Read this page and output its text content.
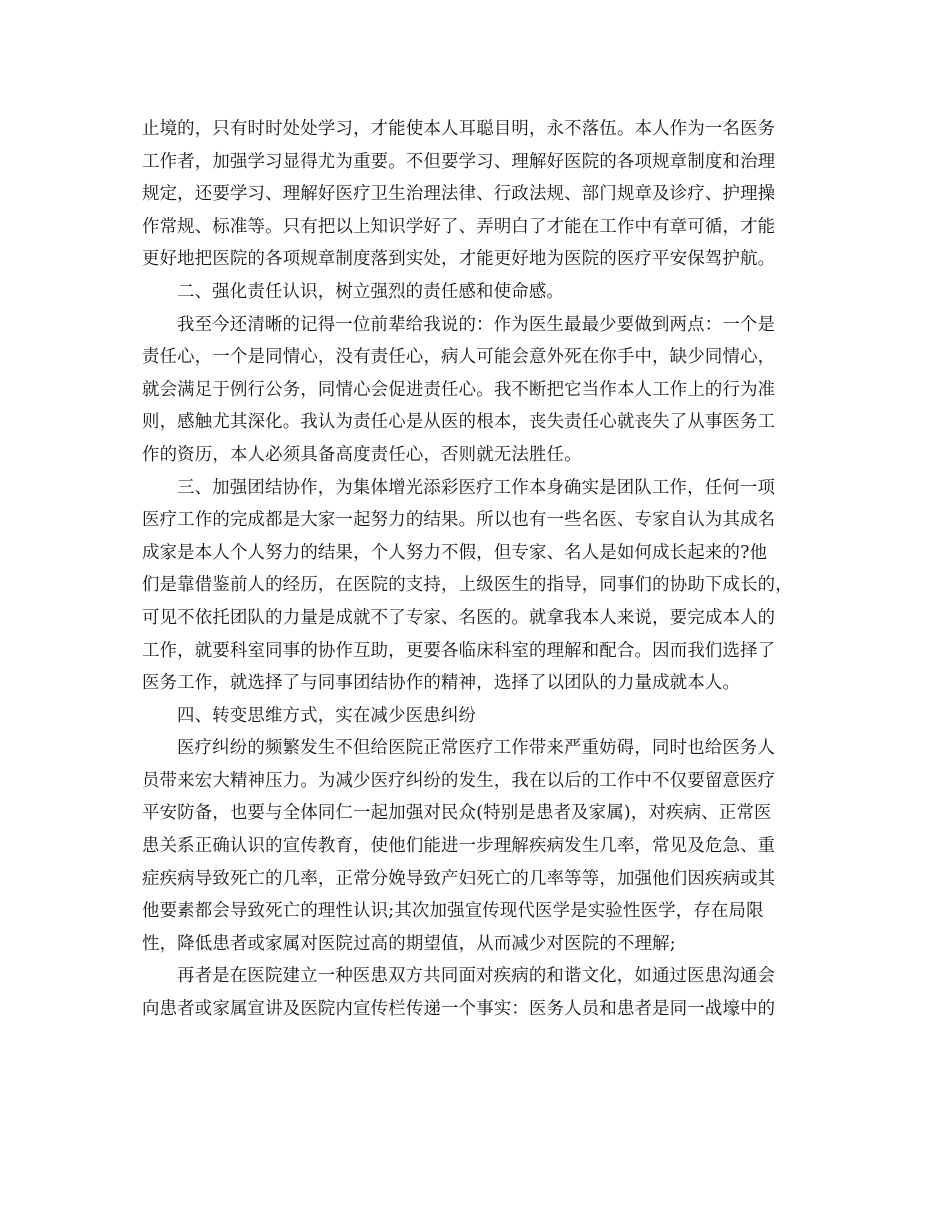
止境的，只有时时处处学习，才能使本人耳聪目明，永不落伍。本人作为一名医务
工作者，加强学习显得尤为重要。不但要学习、理解好医院的各项规章制度和治理
规定，还要学习、理解好医疗卫生治理法律、行政法规、部门规章及诊疗、护理操
作常规、标准等。只有把以上知识学好了、弄明白了才能在工作中有章可循，才能
更好地把医院的各项规章制度落到实处，才能更好地为医院的医疗平安保驾护航。
二、强化责任认识，树立强烈的责任感和使命感。
我至今还清晰的记得一位前辈给我说的：作为医生最最少要做到两点：一个是
责任心，一个是同情心，没有责任心，病人可能会意外死在你手中，缺少同情心，
就会满足于例行公务，同情心会促进责任心。我不断把它当作本人工作上的行为准
则，感触尤其深化。我认为责任心是从医的根本，丧失责任心就丧失了从事医务工
作的资历，本人必须具备高度责任心，否则就无法胜任。
三、加强团结协作，为集体增光添彩医疗工作本身确实是团队工作，任何一项
医疗工作的完成都是大家一起努力的结果。所以也有一些名医、专家自认为其成名
成家是本人个人努力的结果，个人努力不假，但专家、名人是如何成长起来的?他
们是靠借鉴前人的经历，在医院的支持，上级医生的指导，同事们的协助下成长的，
可见不依托团队的力量是成就不了专家、名医的。就拿我本人来说，要完成本人的
工作，就要科室同事的协作互助，更要各临床科室的理解和配合。因而我们选择了
医务工作，就选择了与同事团结协作的精神，选择了以团队的力量成就本人。
四、转变思维方式，实在减少医患纠纷
医疗纠纷的频繁发生不但给医院正常医疗工作带来严重妨碍，同时也给医务人
员带来宏大精神压力。为减少医疗纠纷的发生，我在以后的工作中不仅要留意医疗
平安防备，也要与全体同仁一起加强对民众(特别是患者及家属)，对疾病、正常医
患关系正确认识的宣传教育，使他们能进一步理解疾病发生几率，常见及危急、重
症疾病导致死亡的几率，正常分娩导致产妇死亡的几率等等，加强他们因疾病或其
他要素都会导致死亡的理性认识;其次加强宣传现代医学是实验性医学，存在局限
性，降低患者或家属对医院过高的期望值，从而减少对医院的不理解;
再者是在医院建立一种医患双方共同面对疾病的和谐文化，如通过医患沟通会
向患者或家属宣讲及医院内宣传栏传递一个事实：医务人员和患者是同一战壕中的
